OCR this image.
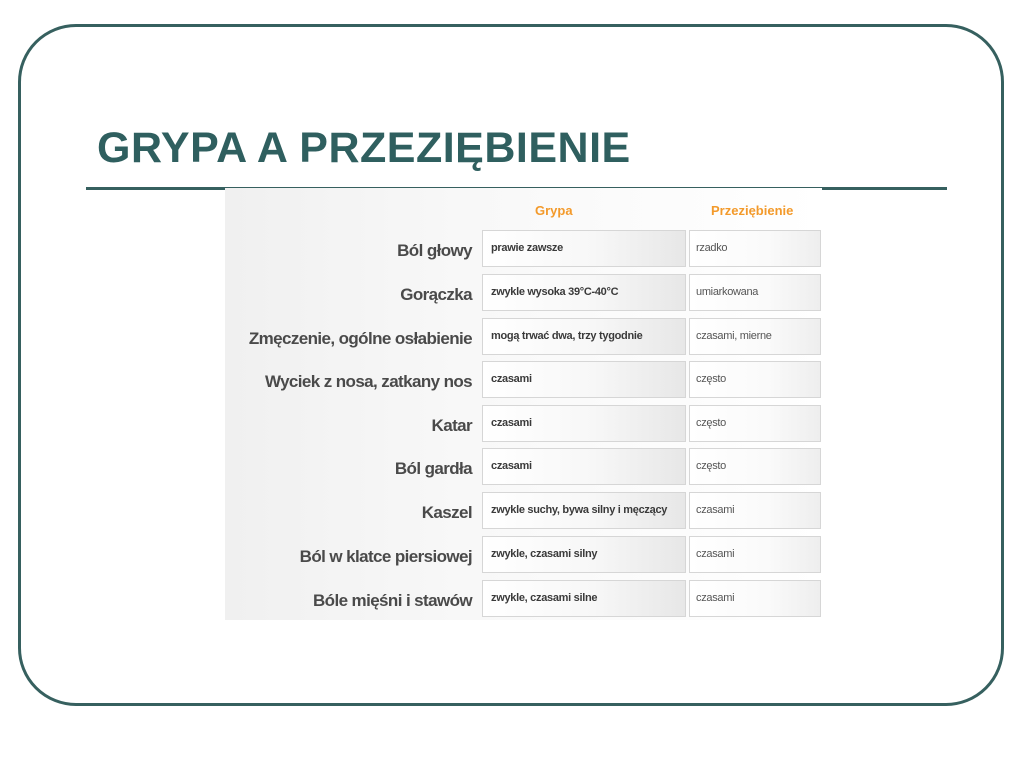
GRYPA A PRZEZIĘBIENIE
Grypa	Przeziębienie
Ból głowy	prawie zawsze	rzadko
Gorączka	zwykle wysoka 39°C-40°C	umiarkowana
Zmęczenie, ogólne osłabienie	mogą trwać dwa, trzy tygodnie	czasami, mierne
Wyciek z nosa, zatkany nos	czasami	często
Katar	czasami	często
Ból gardła	czasami	często
Kaszel	zwykle suchy, bywa silny i męczący	czasami
Ból w klatce piersiowej	zwykle, czasami silny	czasami
Bóle mięśni i stawów	zwykle, czasami silne	czasami
